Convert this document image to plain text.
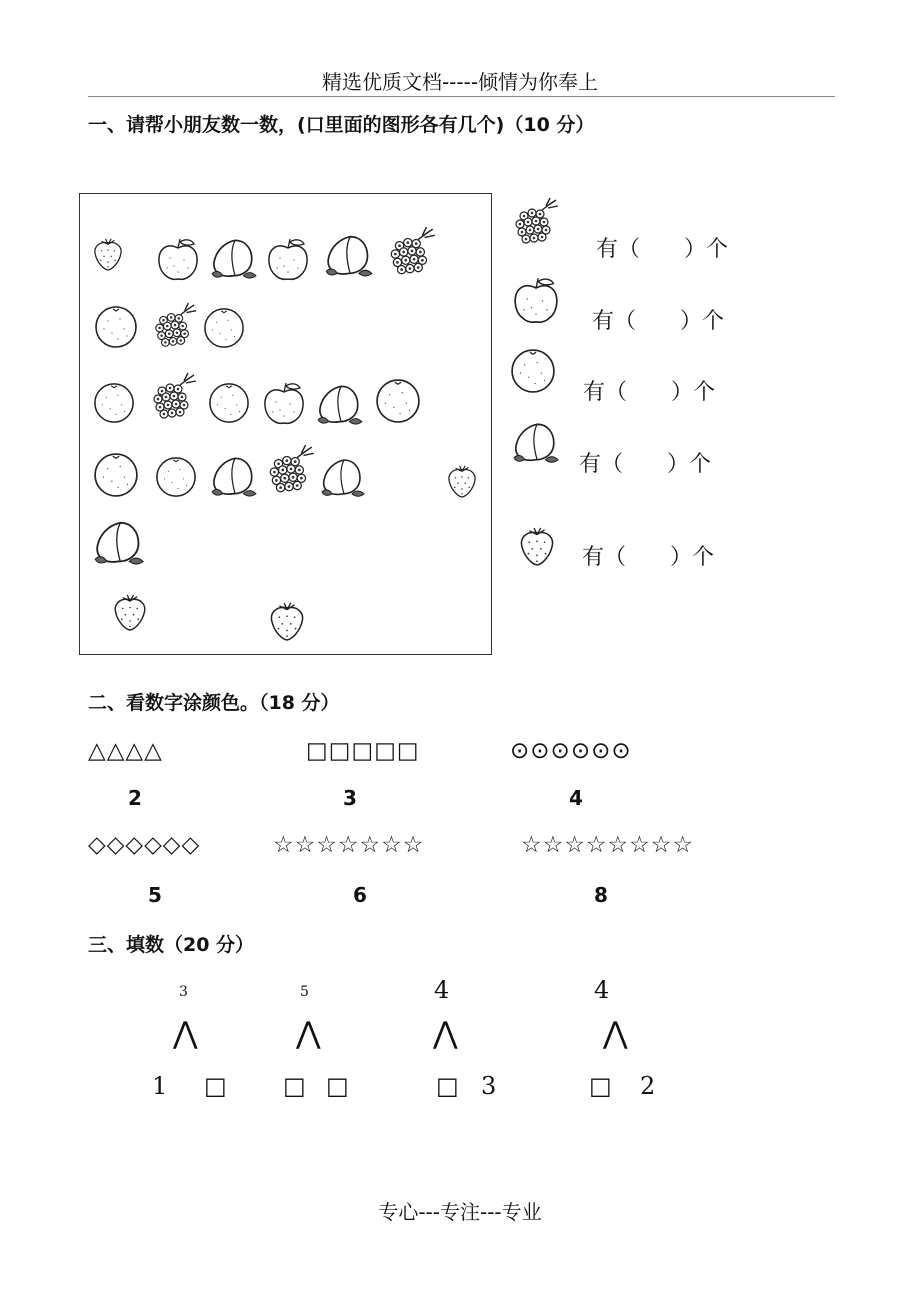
精选优质文档-----倾情为你奉上
一、请帮小朋友数一数，(口里面的图形各有几个)（10 分）
有（　　）个
有（　　）个
有（　　）个
有（　　）个
有（　　）个
二、看数字涂颜色。（18 分）
△△△△
2
□□□□□
3
⊙⊙⊙⊙⊙⊙
4
◇◇◇◇◇◇
5
☆☆☆☆☆☆☆
6
☆☆☆☆☆☆☆☆
8
三、填数（20 分）
3
⋀
1 □
5
⋀
□ □
4
⋀
□ 3
4
⋀
□ 2
专心---专注---专业
